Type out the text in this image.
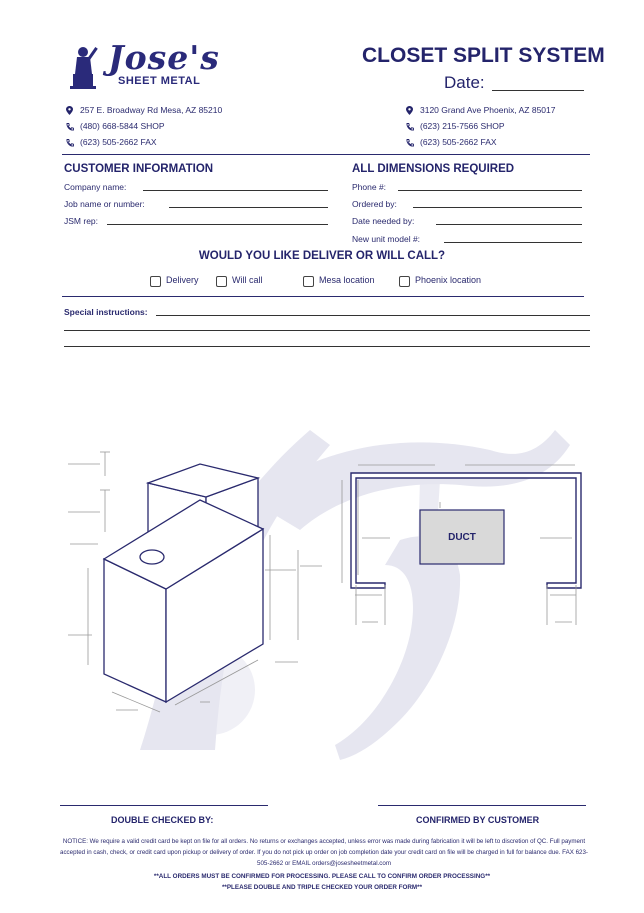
Jose's
SHEET METAL
CLOSET SPLIT SYSTEM
Date:
257 E. Broadway Rd Mesa, AZ 85210
(480) 668-5844 SHOP
(623) 505-2662 FAX
3120 Grand Ave Phoenix, AZ 85017
(623) 215-7566 SHOP
(623) 505-2662 FAX
CUSTOMER INFORMATION
Company name:
Job name or number:
JSM rep:
ALL DIMENSIONS REQUIRED
Phone #:
Ordered by:
Date needed by:
New unit model #:
WOULD YOU LIKE DELIVER OR WILL CALL?
Delivery	Will call	Mesa location	Phoenix location
Special instructions:
DUCT
DOUBLE CHECKED BY:	CONFIRMED BY CUSTOMER
NOTICE: We require a valid credit card be kept on file for all orders. No returns or exchanges accepted, unless error was made during fabrication it will be left to discretion of QC. Full payment accepted in cash, check, or credit card upon pickup or delivery of order. If you do not pick up order on job completion date your credit card on file will be charged in full for balance due. FAX 623-505-2662 or EMAIL orders@josesheetmetal.com
**ALL ORDERS MUST BE CONFIRMED FOR PROCESSING. PLEASE CALL TO CONFIRM ORDER PROCESSING**
**PLEASE DOUBLE AND TRIPLE CHECKED YOUR ORDER FORM**
